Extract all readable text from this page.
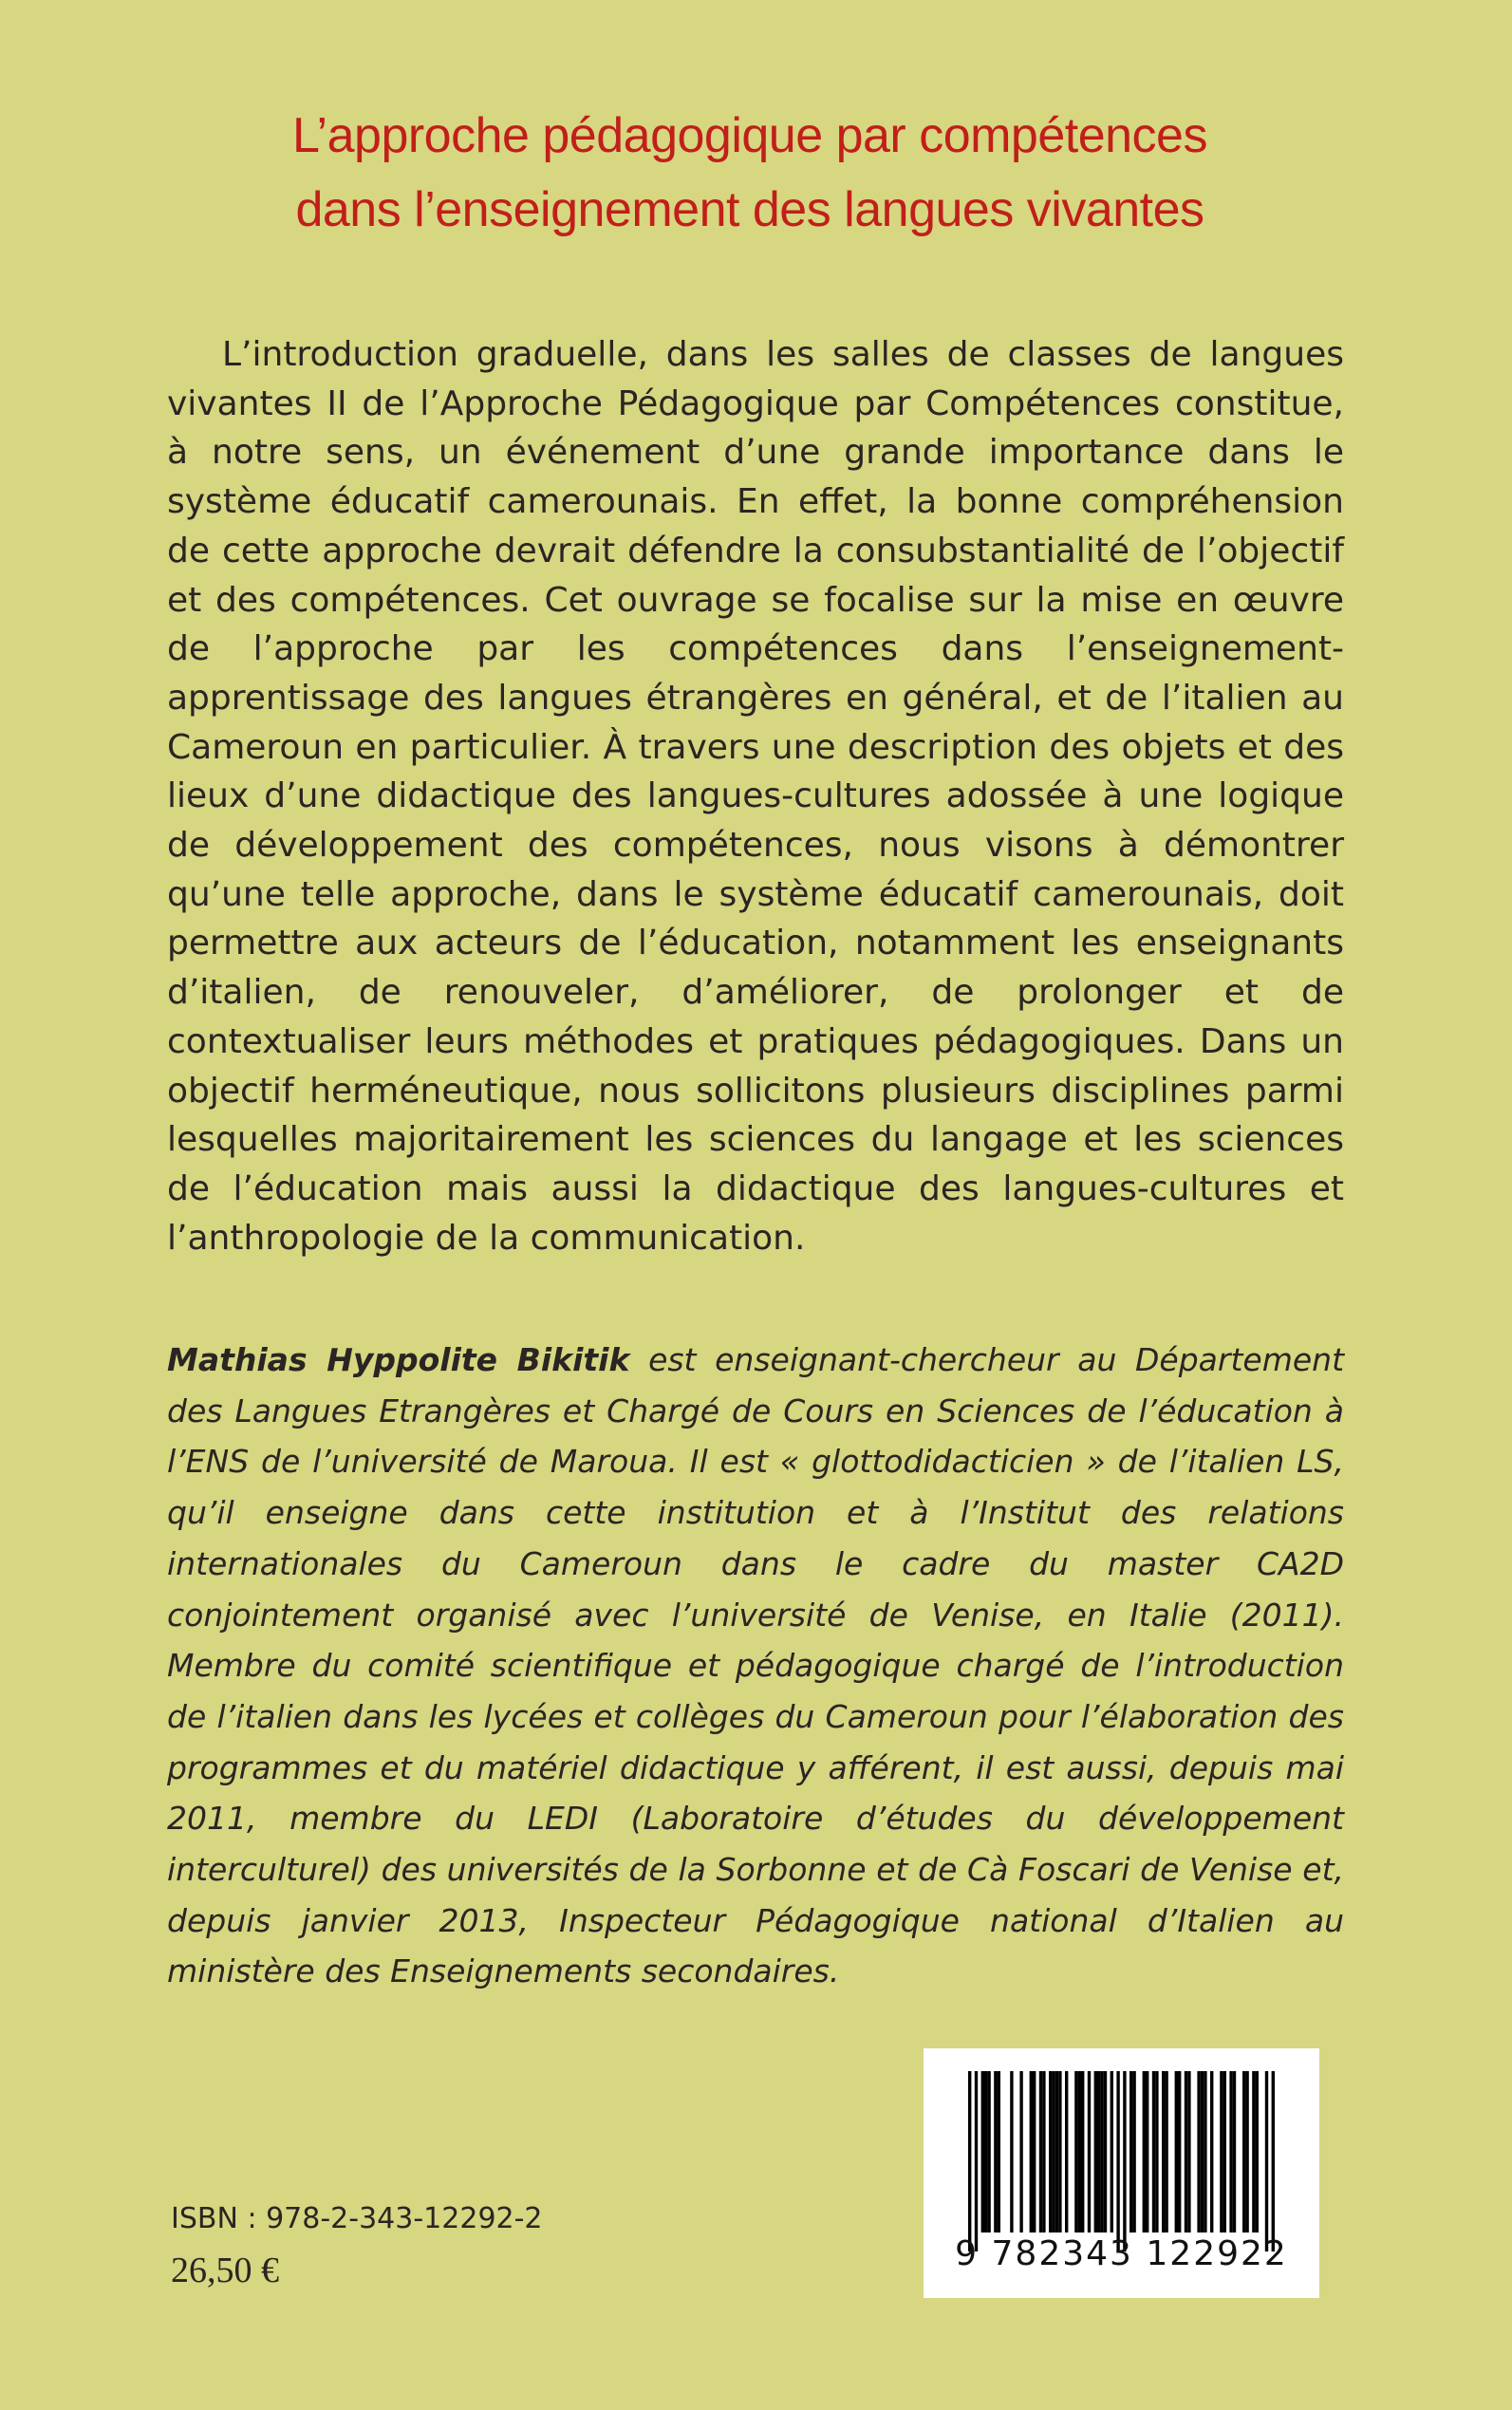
L’approche pédagogique par compétences
dans l’enseignement des langues vivantes

L’introduction graduelle, dans les salles de classes de langues vivantes II de l’Approche Pédagogique par Compétences constitue, à notre sens, un événement d’une grande importance dans le système éducatif camerounais. En effet, la bonne compréhension de cette approche devrait défendre la consubstantialité de l’objectif et des compétences. Cet ouvrage se focalise sur la mise en œuvre de l’approche par les compétences dans l’enseignement-apprentissage des langues étrangères en général, et de l’italien au Cameroun en particulier. À travers une description des objets et des lieux d’une didactique des langues-cultures adossée à une logique de développement des compétences, nous visons à démontrer qu’une telle approche, dans le système éducatif camerounais, doit permettre aux acteurs de l’éducation, notamment les enseignants d’italien, de renouveler, d’améliorer, de prolonger et de contextualiser leurs méthodes et pratiques pédagogiques. Dans un objectif herméneutique, nous sollicitons plusieurs disciplines parmi lesquelles majoritairement les sciences du langage et les sciences de l’éducation mais aussi la didactique des langues-cultures et l’anthropologie de la communication.

Mathias Hyppolite Bikitik est enseignant-chercheur au Département des Langues Etrangères et Chargé de Cours en Sciences de l’éducation à l’ENS de l’université de Maroua. Il est « glottodidacticien » de l’italien LS, qu’il enseigne dans cette institution et à l’Institut des relations internationales du Cameroun dans le cadre du master CA2D conjointement organisé avec l’université de Venise, en Italie (2011). Membre du comité scientifique et pédagogique chargé de l’introduction de l’italien dans les lycées et collèges du Cameroun pour l’élaboration des programmes et du matériel didactique y afférent, il est aussi, depuis mai 2011, membre du LEDI (Laboratoire d’études du développement interculturel) des universités de la Sorbonne et de Cà Foscari de Venise et, depuis janvier 2013, Inspecteur Pédagogique national d’Italien au ministère des Enseignements secondaires.

ISBN : 978-2-343-12292-2
26,50 €	9 782343 122922
